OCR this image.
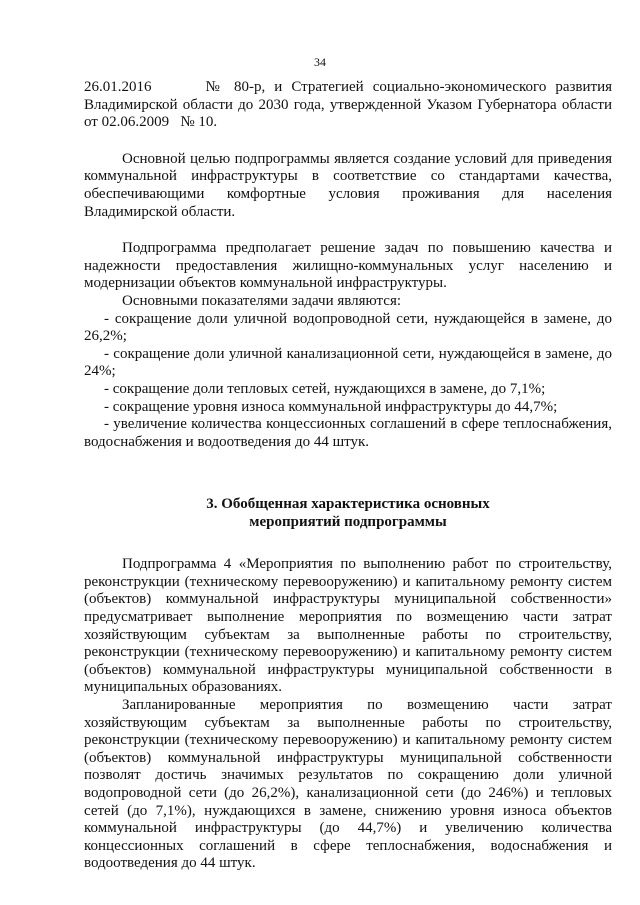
34

26.01.2016      № 80-р, и Стратегией социально-экономического развития Владимирской области до 2030 года, утвержденной Указом Губернатора области от 02.06.2009   № 10.

Основной целью подпрограммы является создание условий для приведения коммунальной инфраструктуры в соответствие со стандартами качества, обеспечивающими комфортные условия проживания для населения Владимирской области.

Подпрограмма предполагает решение задач по повышению качества и надежности предоставления жилищно-коммунальных услуг населению и модернизации объектов коммунальной инфраструктуры.

Основными показателями задачи являются:

- сокращение доли уличной водопроводной сети, нуждающейся в замене, до 26,2%;

- сокращение доли уличной канализационной сети, нуждающейся в замене, до 24%;

- сокращение доли тепловых сетей, нуждающихся в замене, до 7,1%;

- сокращение уровня износа коммунальной инфраструктуры до 44,7%;

- увеличение количества концессионных соглашений в сфере теплоснабжения, водоснабжения и водоотведения до 44 штук.

3. Обобщенная характеристика основных
мероприятий подпрограммы

Подпрограмма 4 «Мероприятия по выполнению работ по строительству, реконструкции (техническому перевооружению) и капитальному ремонту систем (объектов) коммунальной инфраструктуры муниципальной собственности» предусматривает выполнение мероприятия по возмещению части затрат хозяйствующим субъектам за выполненные работы по строительству, реконструкции (техническому перевооружению) и капитальному ремонту систем (объектов) коммунальной инфраструктуры муниципальной собственности в муниципальных образованиях.

Запланированные мероприятия по возмещению части затрат хозяйствующим субъектам за выполненные работы по строительству, реконструкции (техническому перевооружению) и капитальному ремонту систем (объектов) коммунальной инфраструктуры муниципальной собственности позволят достичь значимых результатов по сокращению доли уличной водопроводной сети (до 26,2%), канализационной сети (до 246%) и тепловых сетей (до 7,1%), нуждающихся в замене, снижению уровня износа объектов коммунальной инфраструктуры (до 44,7%) и увеличению количества концессионных соглашений в сфере теплоснабжения, водоснабжения и водоотведения до 44 штук.
